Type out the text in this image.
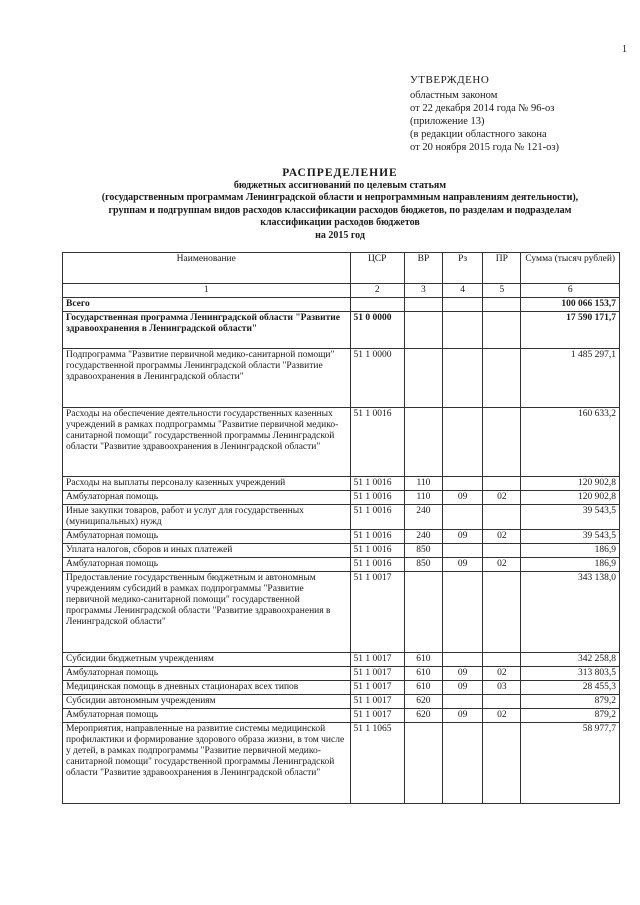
1
УТВЕРЖДЕНО
областным законом
от 22 декабря 2014 года № 96-оз
(приложение 13)
(в редакции областного закона
от 20 ноября 2015 года № 121-оз)
РАСПРЕДЕЛЕНИЕ
бюджетных ассигнований по целевым статьям
(государственным программам Ленинградской области и непрограммным направлениям деятельности),
группам и подгруппам видов расходов классификации расходов бюджетов, по разделам и подразделам
классификации расходов бюджетов
на 2015 год
Наименование	ЦСР	ВР	Рз	ПР	Сумма (тысяч рублей)
1	2	3	4	5	6
Всего					100 066 153,7
Государственная программа Ленинградской области "Развитие здравоохранения в Ленинградской области"	51 0 0000				17 590 171,7
Подпрограмма "Развитие первичной медико-санитарной помощи" государственной программы Ленинградской области "Развитие здравоохранения в Ленинградской области"	51 1 0000				1 485 297,1
Расходы на обеспечение деятельности государственных казенных учреждений в рамках подпрограммы "Развитие первичной медико-санитарной помощи" государственной программы Ленинградской области "Развитие здравоохранения в Ленинградской области"	51 1 0016				160 633,2
Расходы на выплаты персоналу казенных учреждений	51 1 0016	110			120 902,8
Амбулаторная помощь	51 1 0016	110	09	02	120 902,8
Иные закупки товаров, работ и услуг для государственных (муниципальных) нужд	51 1 0016	240			39 543,5
Амбулаторная помощь	51 1 0016	240	09	02	39 543,5
Уплата налогов, сборов и иных платежей	51 1 0016	850			186,9
Амбулаторная помощь	51 1 0016	850	09	02	186,9
Предоставление государственным бюджетным и автономным учреждениям субсидий в рамках подпрограммы "Развитие первичной медико-санитарной помощи" государственной программы Ленинградской области "Развитие здравоохранения в Ленинградской области"	51 1 0017				343 138,0
Субсидии бюджетным учреждениям	51 1 0017	610			342 258,8
Амбулаторная помощь	51 1 0017	610	09	02	313 803,5
Медицинская помощь в дневных стационарах всех типов	51 1 0017	610	09	03	28 455,3
Субсидии автономным учреждениям	51 1 0017	620			879,2
Амбулаторная помощь	51 1 0017	620	09	02	879,2
Мероприятия, направленные на развитие системы медицинской профилактики и формирование здорового образа жизни, в том числе у детей, в рамках подпрограммы "Развитие первичной медико-санитарной помощи" государственной программы Ленинградской области "Развитие здравоохранения в Ленинградской области"	51 1 1065				58 977,7
